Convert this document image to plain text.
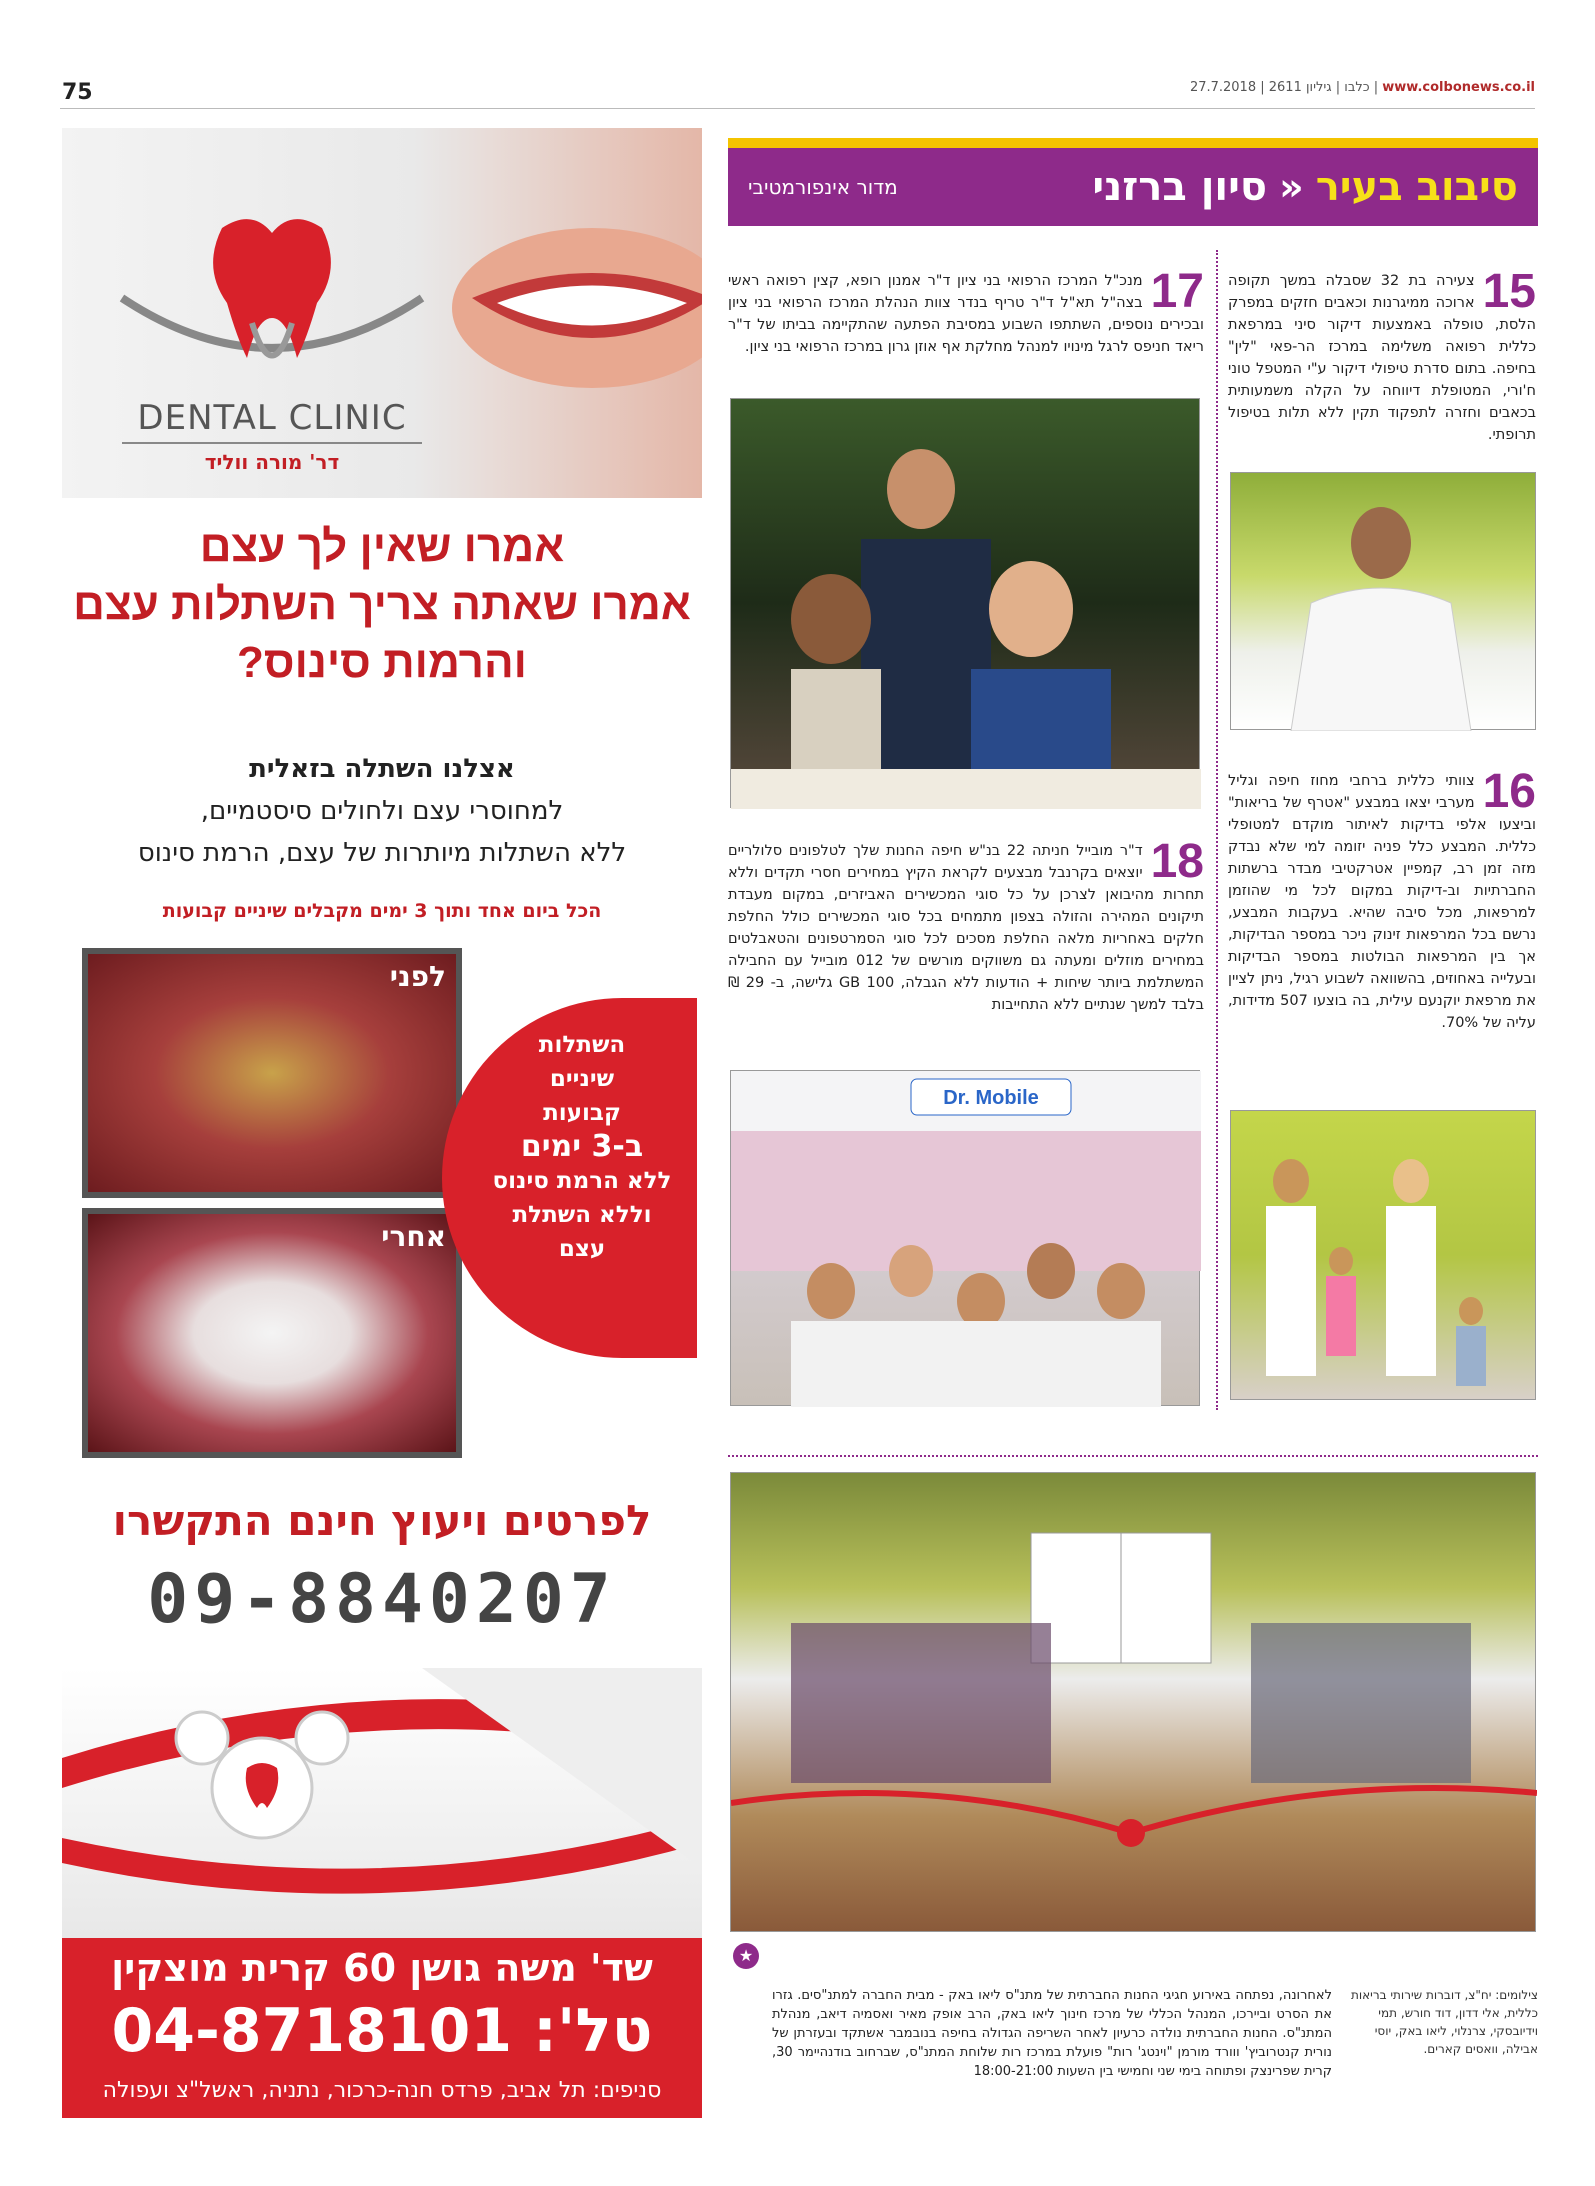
75	www.colbonews.co.il | כלבו | גיליון 2611 | 27.7.2018
סיבוב בעיר
«
סיון ברזני
מדור אינפורמטיבי
15
צעירה בת 32 שסבלה במשך תקופה ארוכה ממיגרנות וכאבים חזקים במפרק הלסת, טופלה באמצעות דיקור סיני במרפאת כללית רפואה משלימה במרכז הר-פאי "לין" בחיפה. בתום סדרת טיפולי דיקור ע"י המטפל טוני ח'ורי, המטופלת דיווחה על הקלה משמעותית בכאבים וחזרה לתפקוד תקין ללא תלות בטיפול תרופתי.
16
צוותי כללית ברחבי מחוז חיפה וגליל מערבי יצאו במבצע "אטרף של בריאות" וביצעו אלפי בדיקות לאיתור מוקדם למטופלי כללית. המבצע כלל פניה יזומה למי שלא נבדק מזה זמן רב, קמפיין אטרקטיבי מבדר ברשתות החברתיות וב-דיקות במקום לכל מי שהוזמן למרפאות, מכל סיבה שהיא. בעקבות המבצע, נרשם בכל המרפאות זינוק ניכר במספר הבדיקות, אך בין המרפאות הבולטות במספר הבדיקות ובעלייה באחוזים, בהשוואה לשבוע רגיל, ניתן לציין את מרפאת יוקנעם עילית, בה בוצעו 507 מדידות, עליה של 70%.
17
מנכ"ל המרכז הרפואי בני ציון ד"ר אמנון רופא, קצין רפואה ראשי בצה"ל תא"ל ד"ר טריף בנדר צוות הנהלת המרכז הרפואי בני ציון ובכירים נוספים, השתתפו השבוע במסיבת הפתעה שהתקיימה בביתו של ד"ר ריאד חניפס לרגל מינויו למנהל מחלקת אף אוזן גרון במרכז הרפואי בני ציון.
18
ד"ר מובייל חניתה 22 בנ"ש חיפה החנות שלך לטלפונים סלולריים יוצאים בקרנבל מבצעים לקראת הקיץ במחירים חסרי תקדים וללא תחרות מהיבואן לצרכן על כל סוגי המכשירים האביזרים, במקום מעבדת תיקונים המהירה והזולה בצפון מתמחים בכל סוגי המכשירים כולל החלפת חלקים באחריות מלאה החלפת מסכים לכל סוגי הסמרטפונים והטאבלטים במחירים מוזלים ומעתה גם משווקים מורשים של 012 מובייל עם החבילה המשתלמת ביותר שיחות + הודעות ללא הגבלה, GB 100 גלישה, ב- 29 ₪ בלבד למשך שנתיים ללא התחייבות
Dr. Mobile
★
לאחרונה, נפתחה באירוע חגיגי החנות החברתית של מתנ"ס ליאו באק - מבית החברה למתנ"סים. גזרו את הסרט וביירכו, המנהל הכללי של מרכז חינוך ליאו באק, הרב אופק מאיר ואסמיה דיאב, מנהלת המתנ"ס. החנות החברתית נולדה כרעיון לאחר השריפה הגדולה בחיפה בנובמבר אשתקד ובעזרתן של נורית קנטרוביץ' ווורד מורמן "וינטג' רות" פועלת במרכז רות שלוחת המתנ"ס, שברחוב בודנהיימר 30, קרית שפרינצק ופתוחה בימי שני וחמישי בין השעות 18:00-21:00
צילומים: יח"צ, דוברות שירותי בריאות כללית, אלי דדון, דוד חורש, תמי וידיובסקי, צרנלוי, ליאו באק, יוסי אבילה, וואסים קארים.
DENTAL CLINIC
דר' מורה ווליד
אמרו שאין לך עצם
אמרו שאתה צריך השתלות עצם
והרמות סינוס?
אצלנו השתלה בזאלית
למחוסרי עצם ולחולים סיסטמיים,
ללא השתלות מיותרות של עצם, הרמת סינוס
הכל ביום אחד ותוך 3 ימים מקבלים שיניים קבועות
לפני
אחרי
השתלות
שיניים
קבועות
ב-3 ימים
ללא הרמת סינוס
וללא השתלת
עצם
לפרטים ויעוץ חינם התקשרו
09-8840207
שד' משה גושן 60 קרית מוצקין
טל': 04-8718101
סניפים: תל אביב, פרדס חנה-כרכור, נתניה, ראשל"צ ועפולה
